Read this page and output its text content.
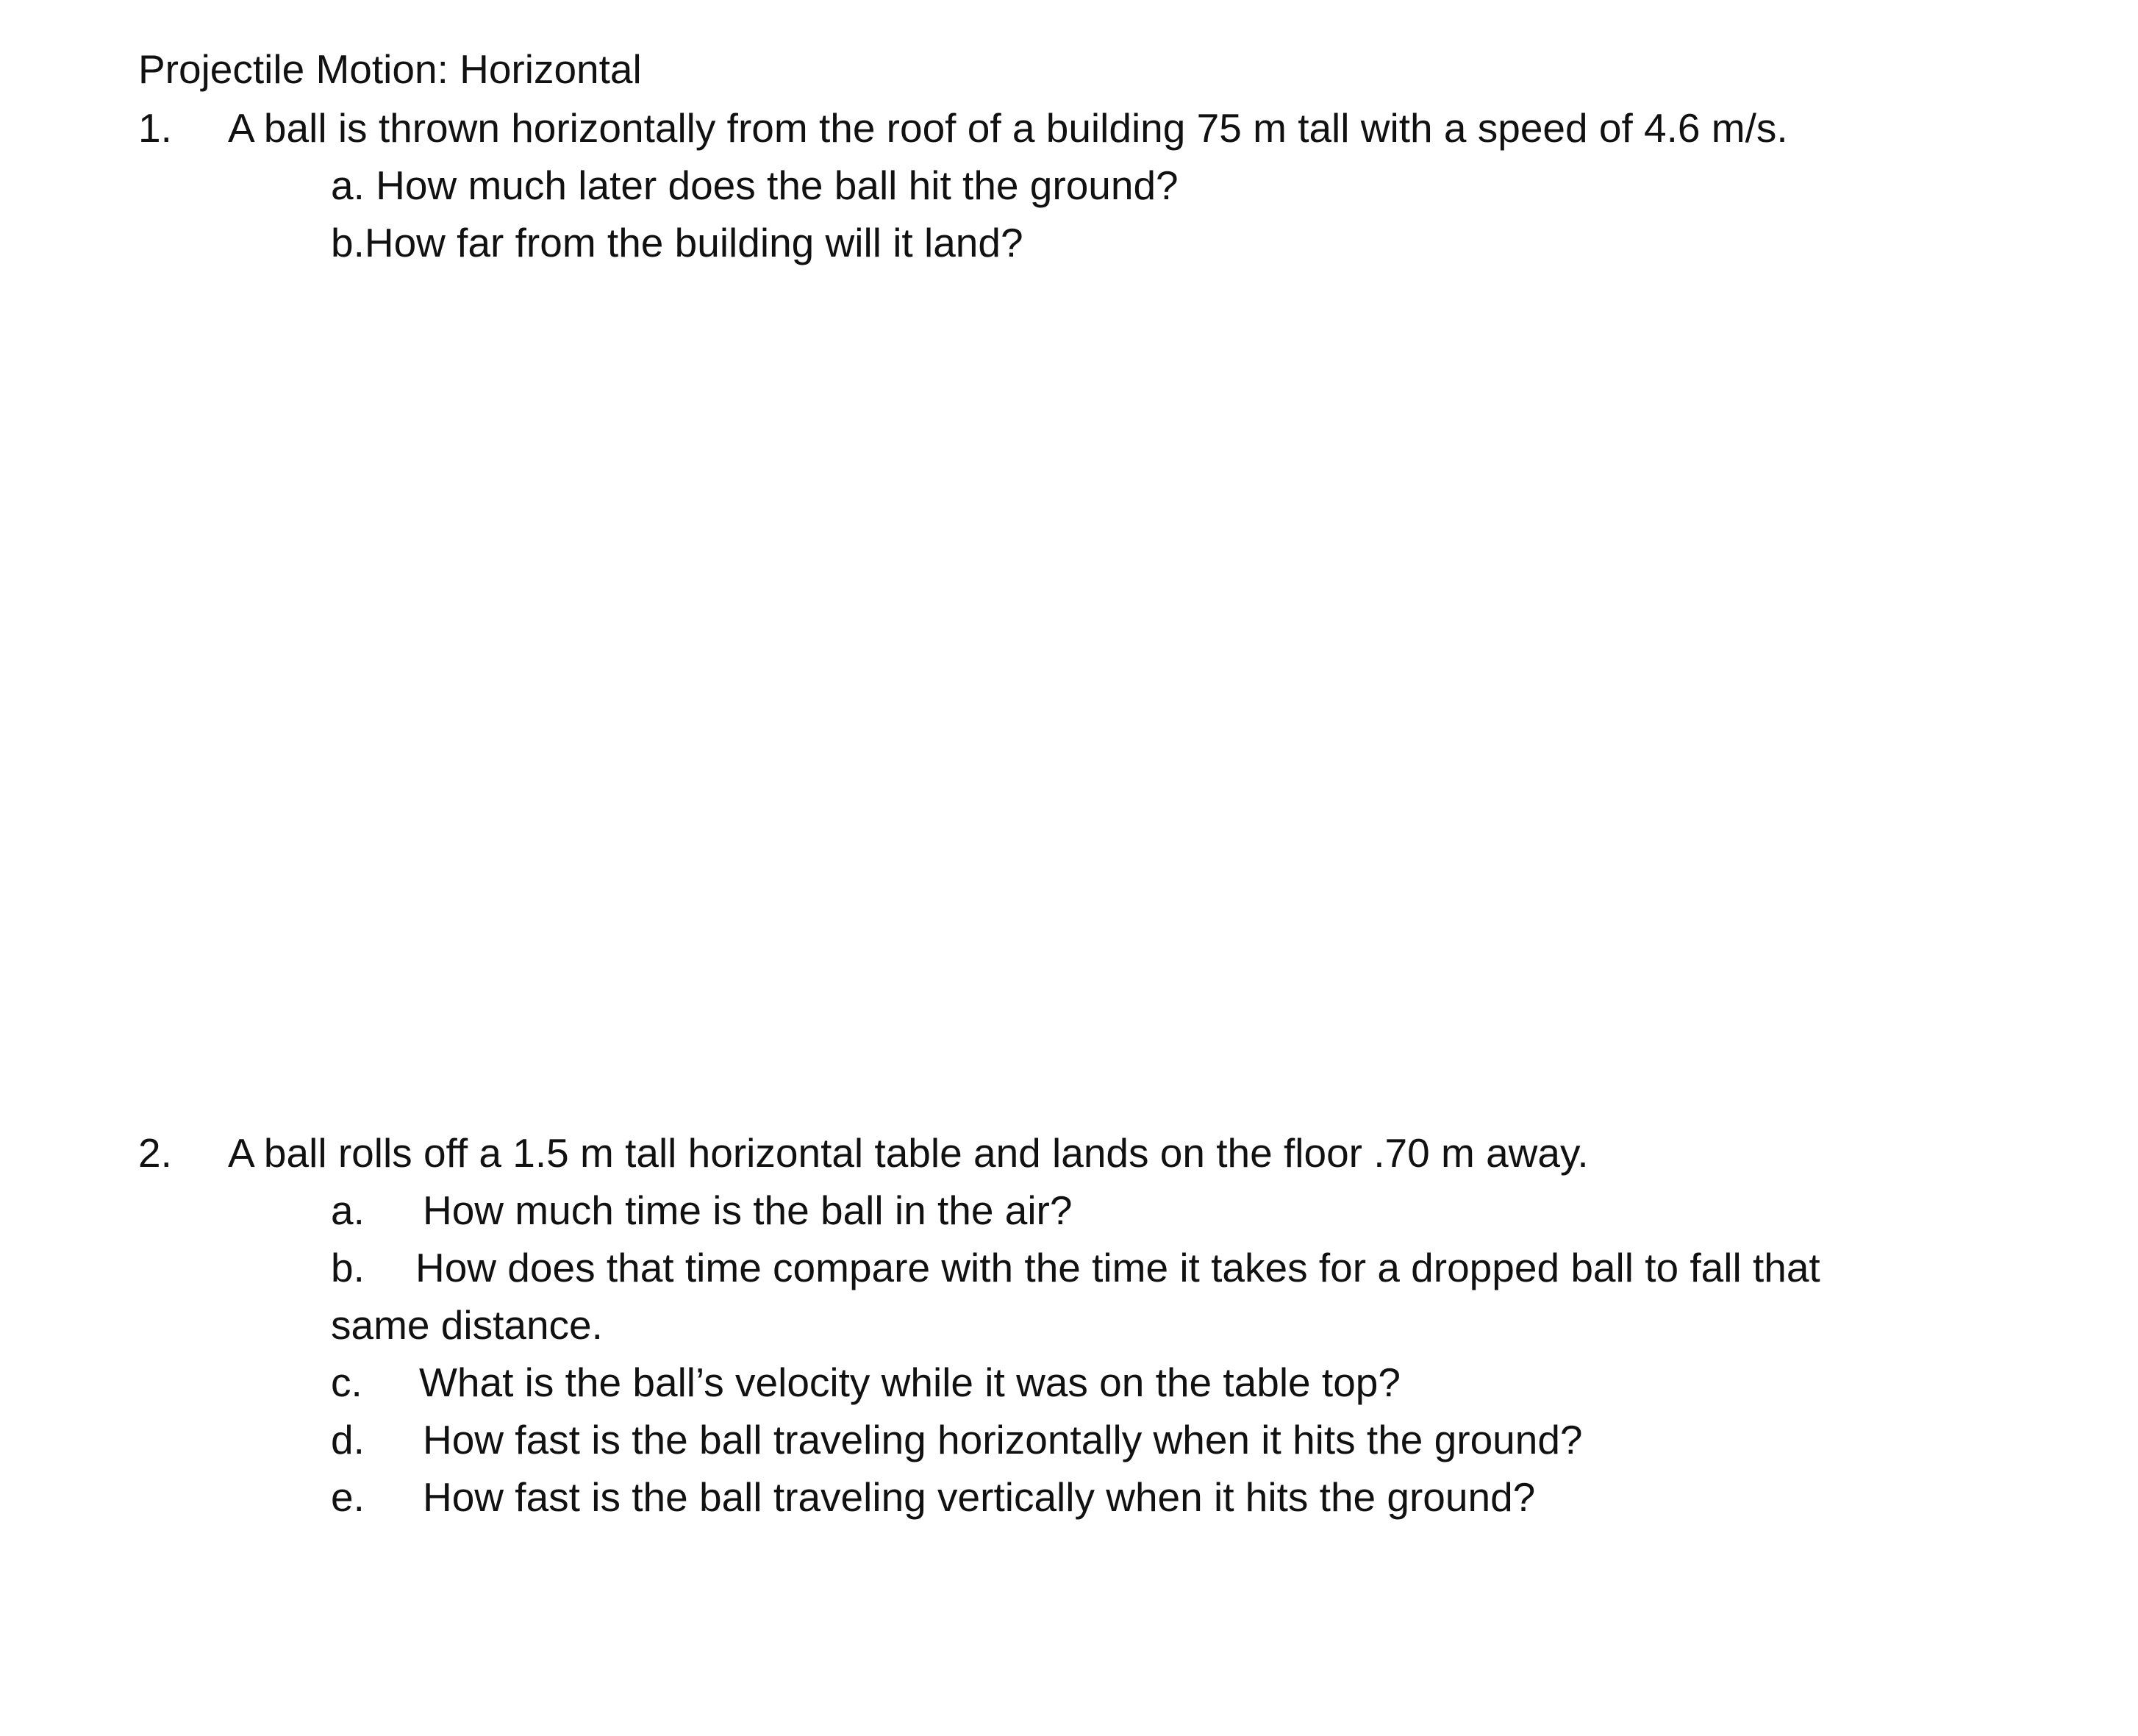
Projectile Motion: Horizontal
1. A ball is thrown horizontally from the roof of a building 75 m tall with a speed of 4.6 m/s.
a. How much later does the ball hit the ground?
b.How far from the building will it land?
2. A ball rolls off a 1.5 m tall horizontal table and lands on the floor .70 m away.
a. How much time is the ball in the air?
b. How does that time compare with the time it takes for a dropped ball to fall that
same distance.
c. What is the ball’s velocity while it was on the table top?
d. How fast is the ball traveling horizontally when it hits the ground?
e. How fast is the ball traveling vertically when it hits the ground?
